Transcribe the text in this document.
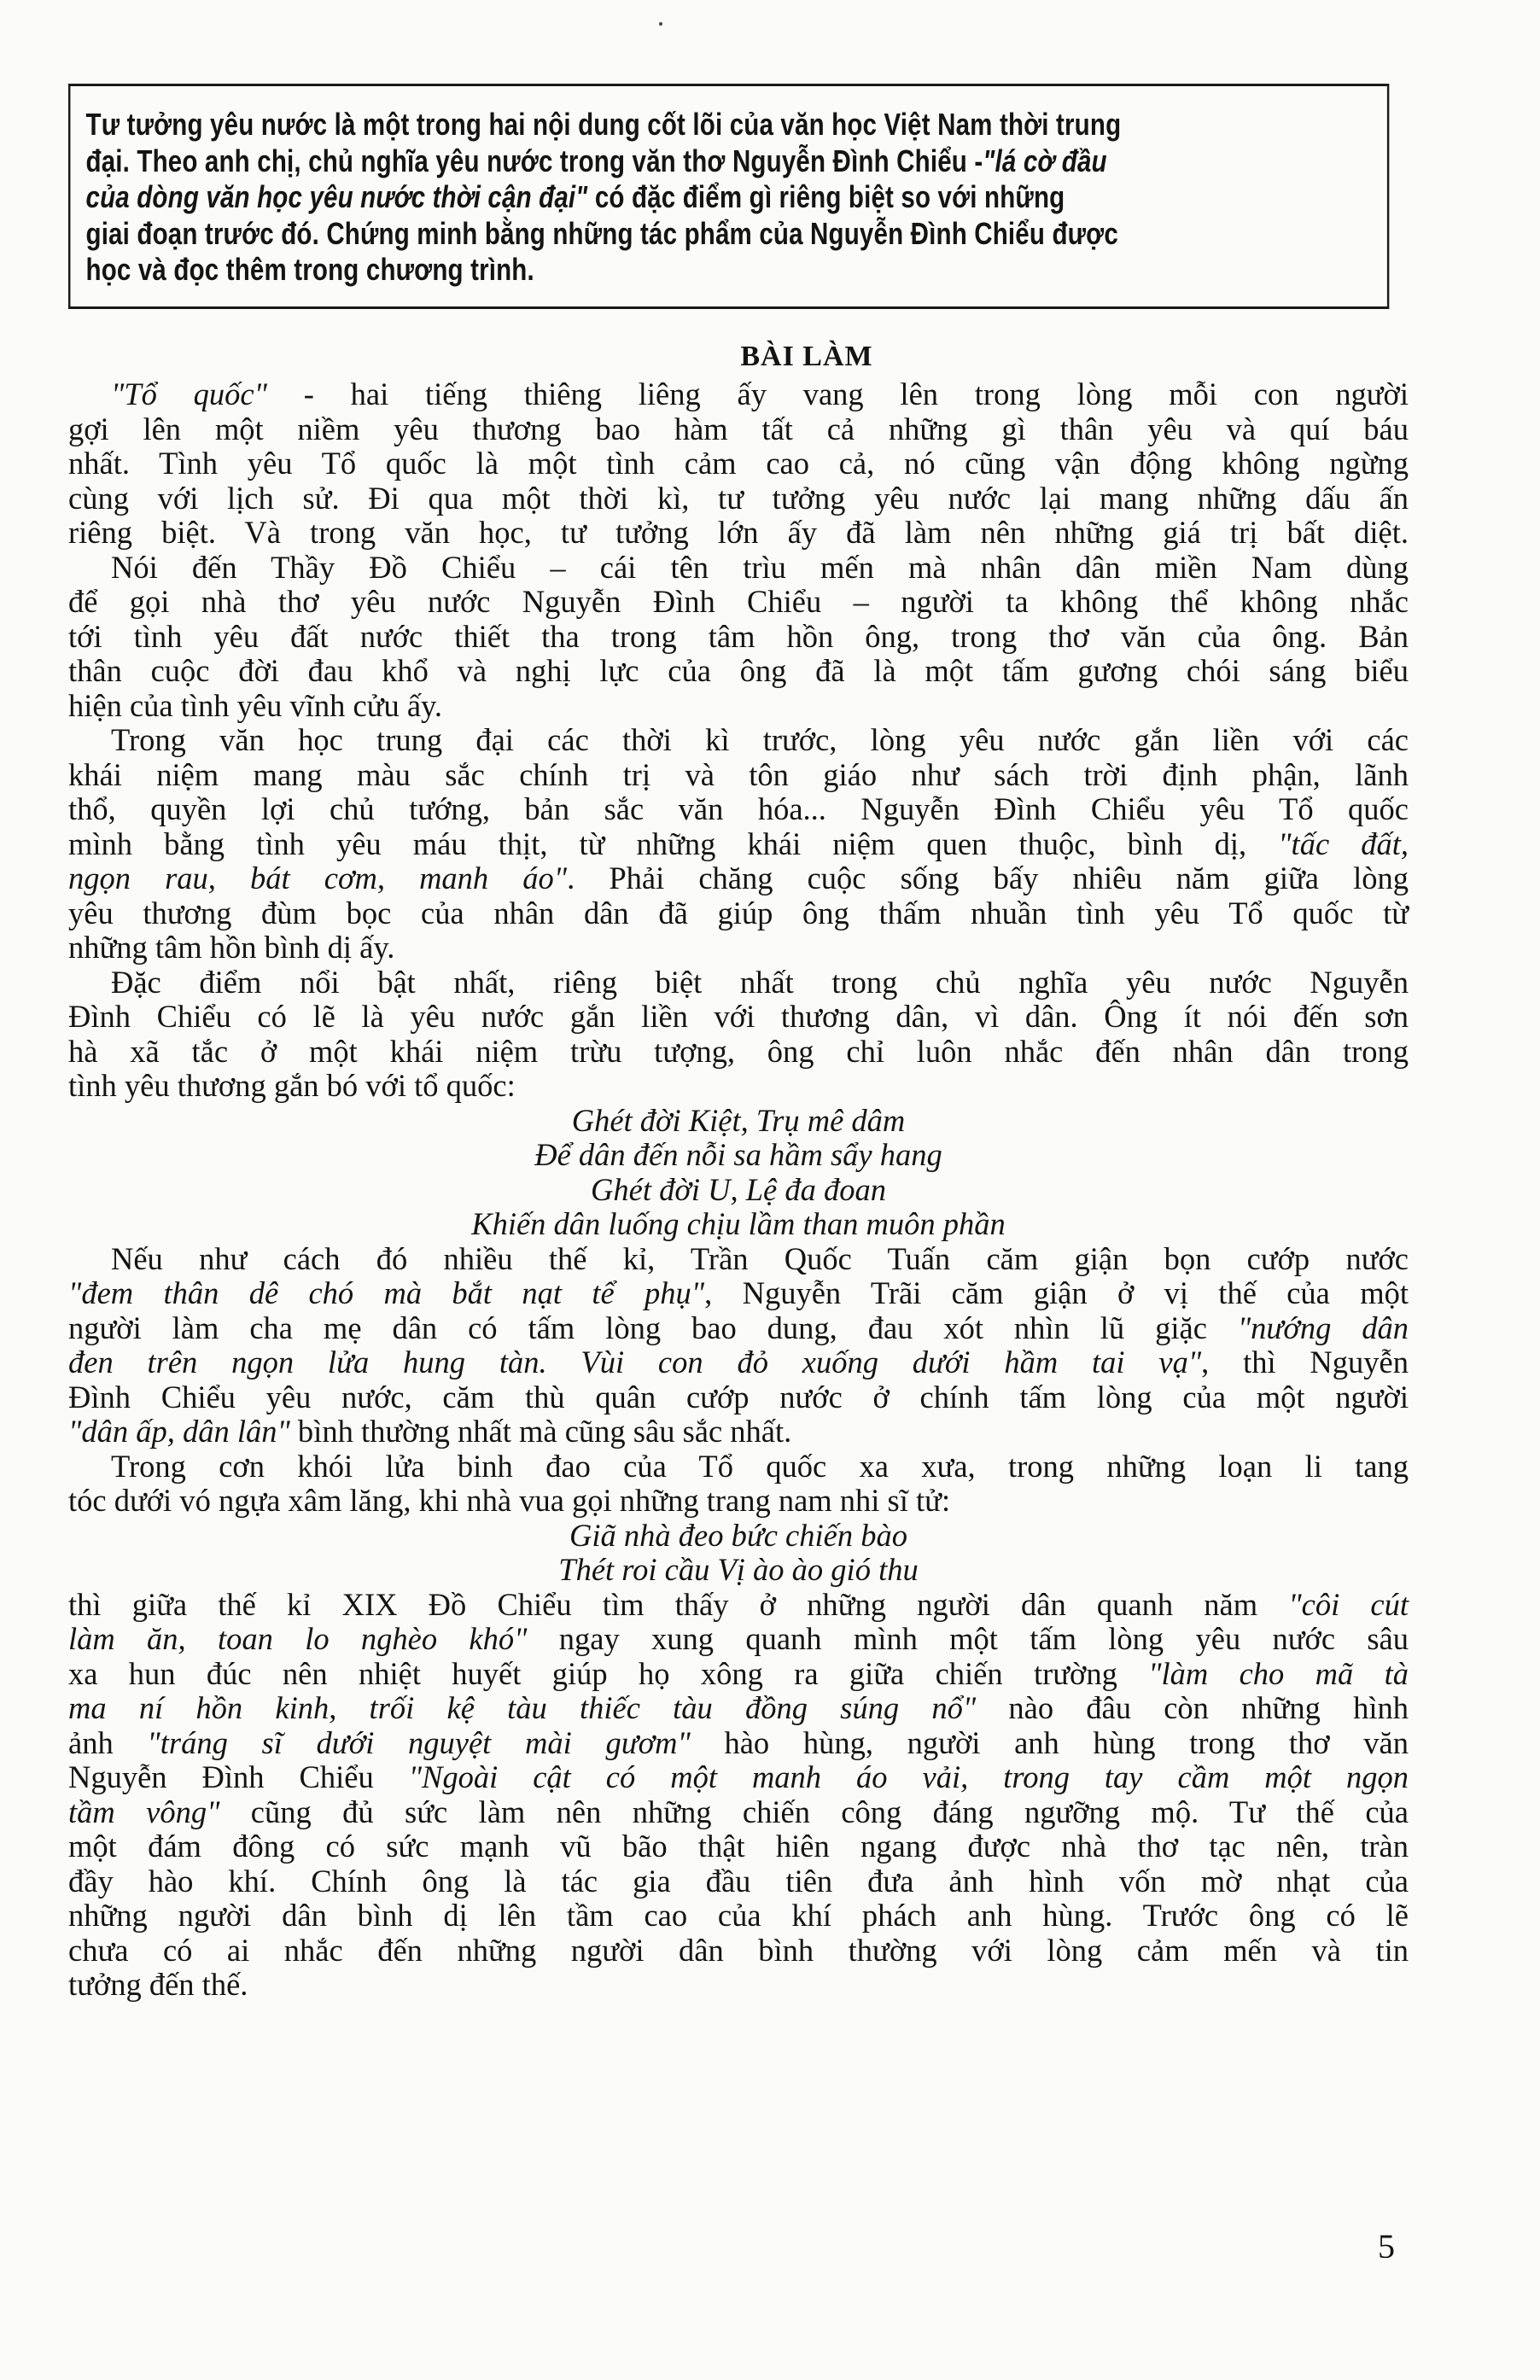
Tư tưởng yêu nước là một trong hai nội dung cốt lõi của văn học Việt Nam thời trung
đại. Theo anh chị, chủ nghĩa yêu nước trong văn thơ Nguyễn Đình Chiểu -"lá cờ đầu
của dòng văn học yêu nước thời cận đại" có đặc điểm gì riêng biệt so với những
giai đoạn trước đó. Chứng minh bằng những tác phẩm của Nguyễn Đình Chiểu được
học và đọc thêm trong chương trình.
BÀI LÀM
"Tổ quốc" - hai tiếng thiêng liêng ấy vang lên trong lòng mỗi con người
gợi lên một niềm yêu thương bao hàm tất cả những gì thân yêu và quí báu
nhất. Tình yêu Tổ quốc là một tình cảm cao cả, nó cũng vận động không ngừng
cùng với lịch sử. Đi qua một thời kì, tư tưởng yêu nước lại mang những dấu ấn
riêng biệt. Và trong văn học, tư tưởng lớn ấy đã làm nên những giá trị bất diệt.
Nói đến Thầy Đồ Chiểu – cái tên trìu mến mà nhân dân miền Nam dùng
để gọi nhà thơ yêu nước Nguyễn Đình Chiểu – người ta không thể không nhắc
tới tình yêu đất nước thiết tha trong tâm hồn ông, trong thơ văn của ông. Bản
thân cuộc đời đau khổ và nghị lực của ông đã là một tấm gương chói sáng biểu
hiện của tình yêu vĩnh cửu ấy.
Trong văn học trung đại các thời kì trước, lòng yêu nước gắn liền với các
khái niệm mang màu sắc chính trị và tôn giáo như sách trời định phận, lãnh
thổ, quyền lợi chủ tướng, bản sắc văn hóa... Nguyễn Đình Chiểu yêu Tổ quốc
mình bằng tình yêu máu thịt, từ những khái niệm quen thuộc, bình dị, "tấc đất,
ngọn rau, bát cơm, manh áo". Phải chăng cuộc sống bấy nhiêu năm giữa lòng
yêu thương đùm bọc của nhân dân đã giúp ông thấm nhuần tình yêu Tổ quốc từ
những tâm hồn bình dị ấy.
Đặc điểm nổi bật nhất, riêng biệt nhất trong chủ nghĩa yêu nước Nguyễn
Đình Chiểu có lẽ là yêu nước gắn liền với thương dân, vì dân. Ông ít nói đến sơn
hà xã tắc ở một khái niệm trừu tượng, ông chỉ luôn nhắc đến nhân dân trong
tình yêu thương gắn bó với tổ quốc:
Ghét đời Kiệt, Trụ mê dâm
Để dân đến nỗi sa hầm sẩy hang
Ghét đời U, Lệ đa đoan
Khiến dân luống chịu lầm than muôn phần
Nếu như cách đó nhiều thế kỉ, Trần Quốc Tuấn căm giận bọn cướp nước
"đem thân dê chó mà bắt nạt tể phụ", Nguyễn Trãi căm giận ở vị thế của một
người làm cha mẹ dân có tấm lòng bao dung, đau xót nhìn lũ giặc "nướng dân
đen trên ngọn lửa hung tàn. Vùi con đỏ xuống dưới hầm tai vạ", thì Nguyễn
Đình Chiểu yêu nước, căm thù quân cướp nước ở chính tấm lòng của một người
"dân ấp, dân lân" bình thường nhất mà cũng sâu sắc nhất.
Trong cơn khói lửa binh đao của Tổ quốc xa xưa, trong những loạn li tang
tóc dưới vó ngựa xâm lăng, khi nhà vua gọi những trang nam nhi sĩ tử:
Giã nhà đeo bức chiến bào
Thét roi cầu Vị ào ào gió thu
thì giữa thế kỉ XIX Đồ Chiểu tìm thấy ở những người dân quanh năm "côi cút
làm ăn, toan lo nghèo khó" ngay xung quanh mình một tấm lòng yêu nước sâu
xa hun đúc nên nhiệt huyết giúp họ xông ra giữa chiến trường "làm cho mã tà
ma ní hồn kinh, trối kệ tàu thiếc tàu đồng súng nổ" nào đâu còn những hình
ảnh "tráng sĩ dưới nguyệt mài gươm" hào hùng, người anh hùng trong thơ văn
Nguyễn Đình Chiểu "Ngoài cật có một manh áo vải, trong tay cầm một ngọn
tầm vông" cũng đủ sức làm nên những chiến công đáng ngưỡng mộ. Tư thế của
một đám đông có sức mạnh vũ bão thật hiên ngang được nhà thơ tạc nên, tràn
đầy hào khí. Chính ông là tác gia đầu tiên đưa ảnh hình vốn mờ nhạt của
những người dân bình dị lên tầm cao của khí phách anh hùng. Trước ông có lẽ
chưa có ai nhắc đến những người dân bình thường với lòng cảm mến và tin
tưởng đến thế.
5
